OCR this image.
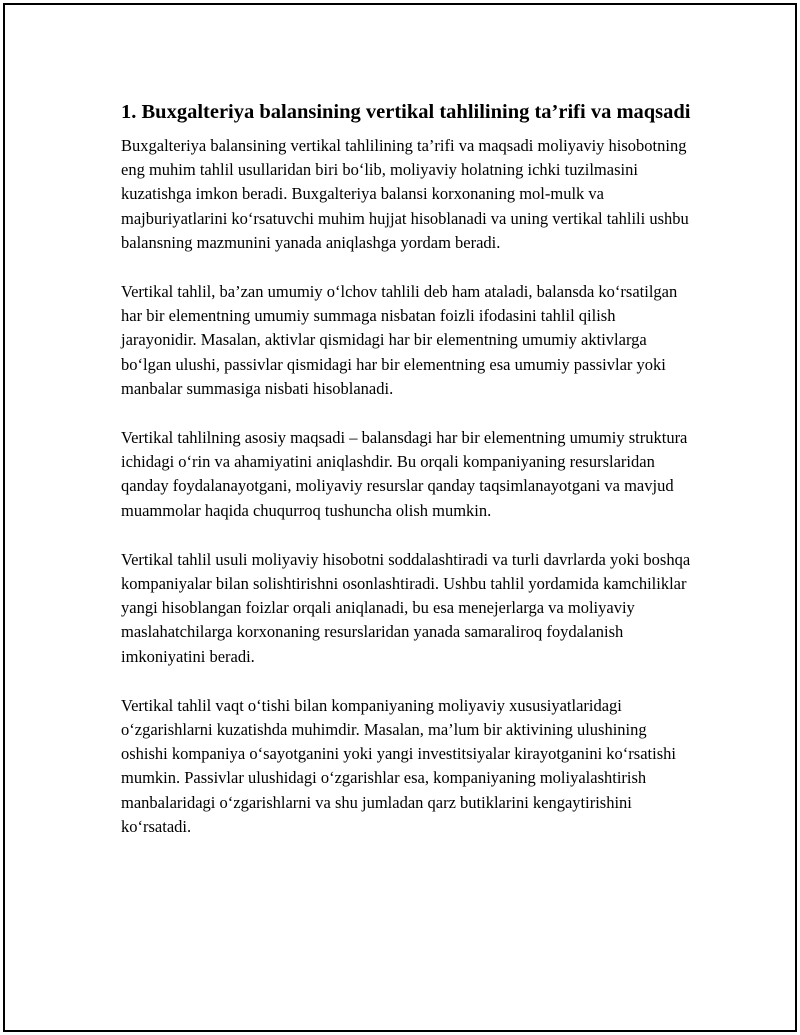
1. Buxgalteriya balansining vertikal tahlilining ta’rifi va maqsadi

Buxgalteriya balansining vertikal tahlilining ta’rifi va maqsadi moliyaviy hisobotning eng muhim tahlil usullaridan biri boʻlib, moliyaviy holatning ichki tuzilmasini kuzatishga imkon beradi. Buxgalteriya balansi korxonaning mol-mulk va majburiyatlarini koʻrsatuvchi muhim hujjat hisoblanadi va uning vertikal tahlili ushbu balansning mazmunini yanada aniqlashga yordam beradi.

Vertikal tahlil, ba’zan umumiy oʻlchov tahlili deb ham ataladi, balansda koʻrsatilgan har bir elementning umumiy summaga nisbatan foizli ifodasini tahlil qilish jarayonidir. Masalan, aktivlar qismidagi har bir elementning umumiy aktivlarga boʻlgan ulushi, passivlar qismidagi har bir elementning esa umumiy passivlar yoki manbalar summasiga nisbati hisoblanadi.

Vertikal tahlilning asosiy maqsadi – balansdagi har bir elementning umumiy struktura ichidagi oʻrin va ahamiyatini aniqlashdir. Bu orqali kompaniyaning resurslaridan qanday foydalanayotgani, moliyaviy resurslar qanday taqsimlanayotgani va mavjud muammolar haqida chuqurroq tushuncha olish mumkin.

Vertikal tahlil usuli moliyaviy hisobotni soddalashtiradi va turli davrlarda yoki boshqa kompaniyalar bilan solishtirishni osonlashtiradi. Ushbu tahlil yordamida kamchiliklar yangi hisoblangan foizlar orqali aniqlanadi, bu esa menejerlarga va moliyaviy maslahatchilarga korxonaning resurslaridan yanada samaraliroq foydalanish imkoniyatini beradi.

Vertikal tahlil vaqt oʻtishi bilan kompaniyaning moliyaviy xususiyatlaridagi oʻzgarishlarni kuzatishda muhimdir. Masalan, ma’lum bir aktivining ulushining oshishi kompaniya oʻsayotganini yoki yangi investitsiyalar kirayotganini koʻrsatishi mumkin. Passivlar ulushidagi oʻzgarishlar esa, kompaniyaning moliyalashtirish manbalaridagi oʻzgarishlarni va shu jumladan qarz butiklarini kengaytirishini koʻrsatadi.
